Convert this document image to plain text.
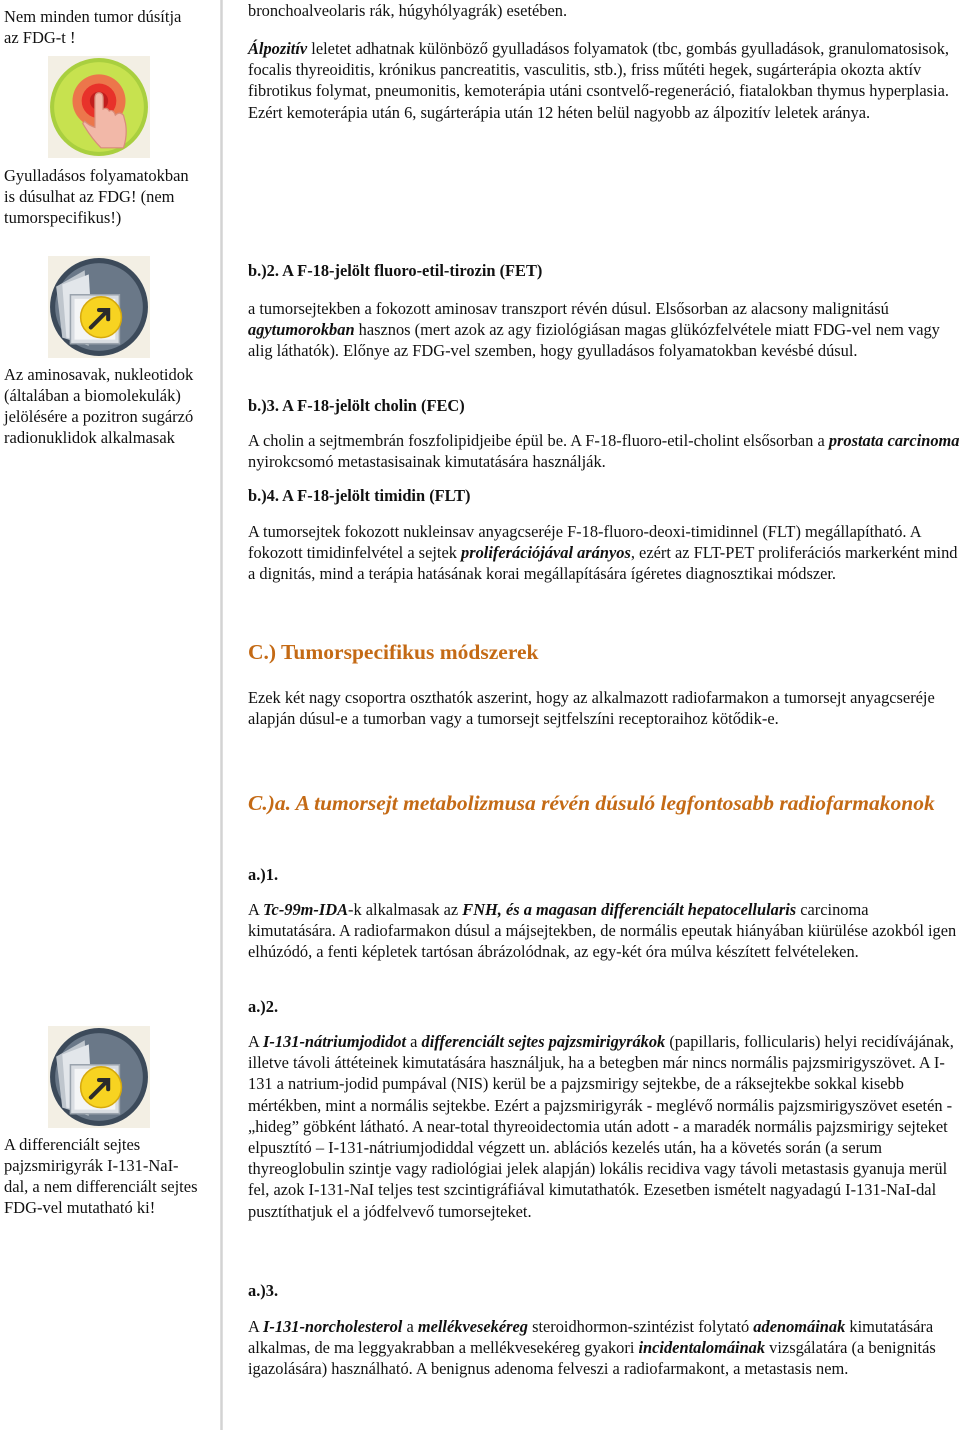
Nem minden tumor dúsítja az FDG-t !
Gyulladásos folyamatokban is dúsulhat az FDG! (nem tumorspecifikus!)
Az aminosavak, nukleotidok (általában a biomolekulák) jelölésére a pozitron sugárzó radionuklidok alkalmasak
A differenciált sejtes pajzsmirigyrák I-131-NaI-dal, a nem differenciált sejtes FDG-vel mutatható ki!

bronchoalveolaris rák, húgyhólyagrák) esetében.

Álpozitív leletet adhatnak különböző gyulladásos folyamatok (tbc, gombás gyulladások, granulomatosisok, focalis thyreoiditis, krónikus pancreatitis, vasculitis, stb.), friss műtéti hegek, sugárterápia okozta aktív fibrotikus folymat, pneumonitis, kemoterápia utáni csontvelő-regeneráció, fiatalokban thymus hyperplasia. Ezért kemoterápia után 6, sugárterápia után 12 héten belül nagyobb az álpozitív leletek aránya.

b.)2. A F-18-jelölt fluoro-etil-tirozin (FET)

a tumorsejtekben a fokozott aminosav transzport révén dúsul. Elsősorban az alacsony malignitású agytumorokban hasznos (mert azok az agy fiziológiásan magas glükózfelvétele miatt FDG-vel nem vagy alig láthatók). Előnye az FDG-vel szemben, hogy gyulladásos folyamatokban kevésbé dúsul.

b.)3. A F-18-jelölt cholin (FEC)

A cholin a sejtmembrán foszfolipidjeibe épül be. A F-18-fluoro-etil-cholint elsősorban a prostata carcinoma nyirokcsomó metastasisainak kimutatására használják.

b.)4. A F-18-jelölt timidin (FLT)

A tumorsejtek fokozott nukleinsav anyagcseréje F-18-fluoro-deoxi-timidinnel (FLT) megállapítható. A fokozott timidinfelvétel a sejtek proliferációjával arányos, ezért az FLT-PET proliferációs markerként mind a dignitás, mind a terápia hatásának korai megállapítására ígéretes diagnosztikai módszer.

C.) Tumorspecifikus módszerek

Ezek két nagy csoportra oszthatók aszerint, hogy az alkalmazott radiofarmakon a tumorsejt anyagcseréje alapján dúsul-e a tumorban vagy a tumorsejt sejtfelszíni receptoraihoz kötődik-e.

C.)a. A tumorsejt metabolizmusa révén dúsuló legfontosabb radiofarmakonok
a.)1.

A Tc-99m-IDA-k alkalmasak az FNH, és a magasan differenciált hepatocellularis carcinoma kimutatására. A radiofarmakon dúsul a májsejtekben, de normális epeutak hiányában kiürülése azokból igen elhúzódó, a fenti képletek tartósan ábrázolódnak, az egy-két óra múlva készített felvételeken.

a.)2.

A I-131-nátriumjodidot a differenciált sejtes pajzsmirigyrákok (papillaris, follicularis) helyi recidívájának, illetve távoli áttéteinek kimutatására használjuk, ha a betegben már nincs normális pajzsmirigyszövet. A I-131 a natrium-jodid pumpával (NIS) kerül be a pajzsmirigy sejtekbe, de a ráksejtekbe sokkal kisebb mértékben, mint a normális sejtekbe. Ezért a pajzsmirigyrák - meglévő normális pajzsmirigyszövet esetén - „hideg” göbként látható. A near-total thyreoidectomia után adott - a maradék normális pajzsmirigy sejteket elpusztító – I-131-nátriumjodiddal végzett un. ablációs kezelés után, ha a követés során (a serum thyreoglobulin szintje vagy radiológiai jelek alapján) lokális recidiva vagy távoli metastasis gyanuja merül fel, azok I-131-NaI teljes test szcintigráfiával kimutathatók. Ezesetben ismételt nagyadagú I-131-NaI-dal pusztíthatjuk el a jódfelvevő tumorsejteket.

a.)3.

A I-131-norcholesterol a mellékvesekéreg steroidhormon-szintézist folytató adenomáinak kimutatására alkalmas, de ma leggyakrabban a mellékvesekéreg gyakori incidentalomáinak vizsgálatára (a benignitás igazolására) használható. A benignus adenoma felveszi a radiofarmakont, a metastasis nem.
